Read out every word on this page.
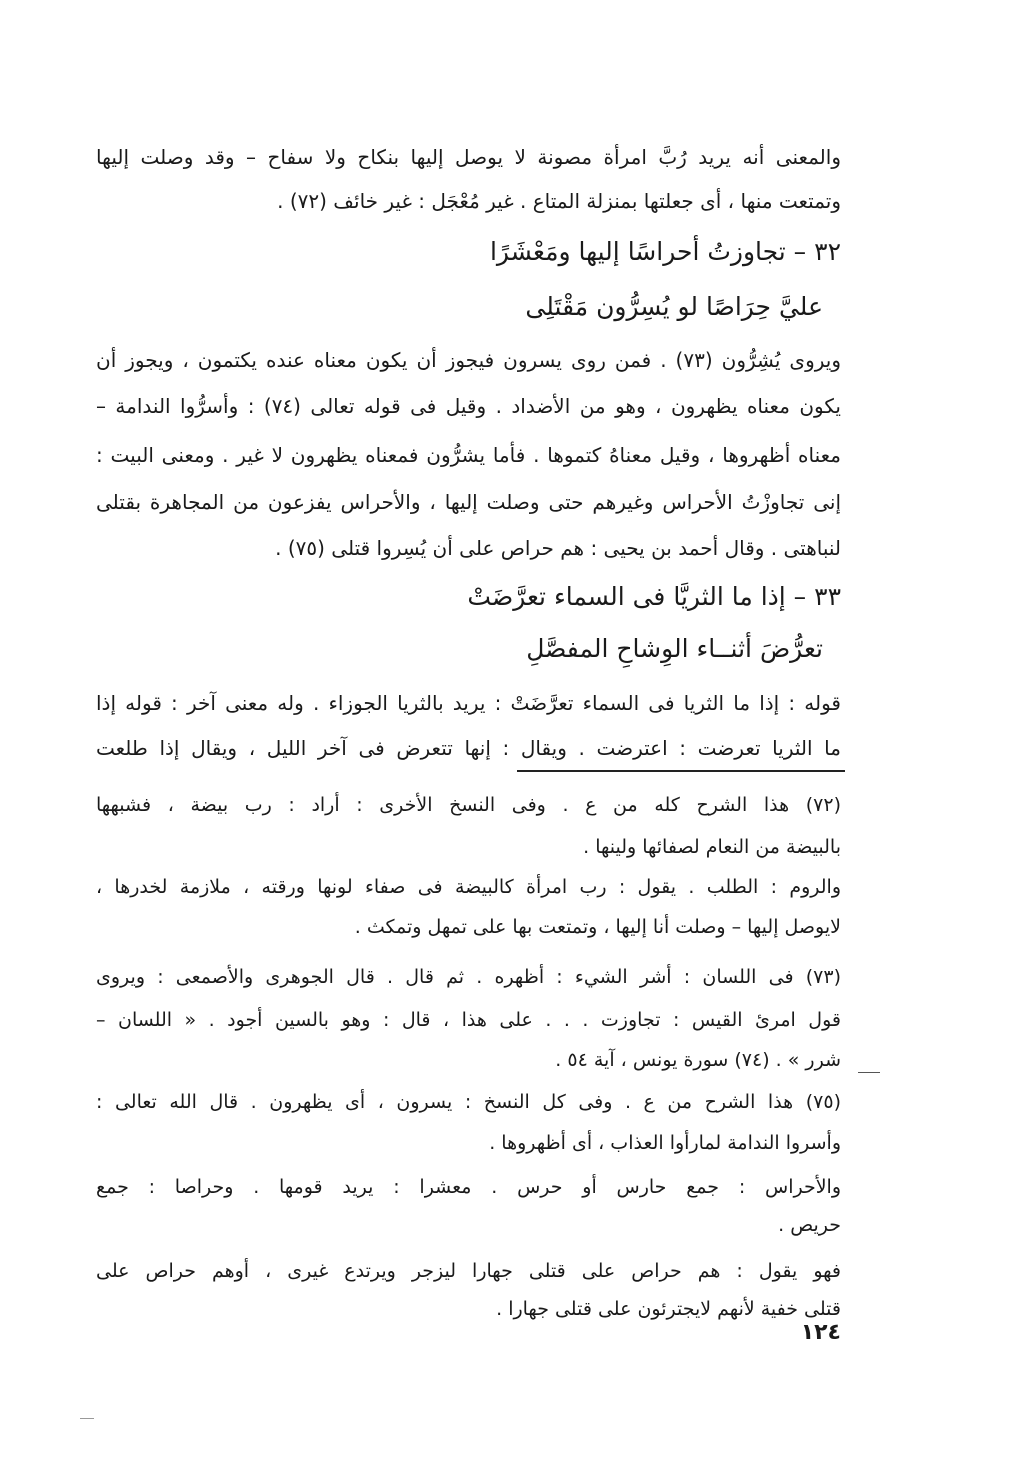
والمعنى أنه يريد رُبَّ امرأة مصونة لا يوصل إليها بنكاح ولا سفاح – وقد وصلت إليها
وتمتعت منها ، أى جعلتها بمنزلة المتاع . غير مُعْجَل : غير خائف (٧٢) .
٣٢ – تجاوزتُ أحراسًا إليها ومَعْشَرًا
عليَّ حِرَاصًا لو يُسِرُّون مَقْتَلِى
ويروى يُشِرُّون (٧٣) . فمن روى يسرون فيجوز أن يكون معناه عنده يكتمون ، ويجوز أن
يكون معناه يظهرون ، وهو من الأضداد . وقيل فى قوله تعالى (٧٤) : وأسرُّوا الندامة –
معناه أظهروها ، وقيل معناهُ كتموها . فأما يشرُّون فمعناه يظهرون لا غير . ومعنى البيت :
إنى تجاوزْتُ الأحراس وغيرهم حتى وصلت إليها ، والأحراس يفزعون من المجاهرة بقتلى
لنباهتى . وقال أحمد بن يحيى : هم حراص على أن يُسِروا قتلى (٧٥) .
٣٣ – إذا ما الثريَّا فى السماء تعرَّضَتْ
تعرُّضَ أثنــاء الوِشاحِ المفصَّلِ
قوله : إذا ما الثريا فى السماء تعرَّضَتْ : يريد بالثريا الجوزاء . وله معنى آخر : قوله إذا
ما الثريا تعرضت : اعترضت . ويقال : إنها تتعرض فى آخر الليل ، ويقال إذا طلعت
(٧٢) هذا الشرح كله من ع . وفى النسخ الأخرى : أراد : رب بيضة ، فشبهها
بالبيضة من النعام لصفائها ولينها .
والروم : الطلب . يقول : رب امرأة كالبيضة فى صفاء لونها ورقته ، ملازمة لخدرها ،
لايوصل إليها – وصلت أنا إليها ، وتمتعت بها على تمهل وتمكث .
(٧٣) فى اللسان : أشر الشيء : أظهره . ثم قال . قال الجوهرى والأصمعى : ويروى
قول امرئ القيس : تجاوزت . . . على هذا ، قال : وهو بالسين أجود . « اللسان –
شرر » . (٧٤) سورة يونس ، آية ٥٤ .
(٧٥) هذا الشرح من ع . وفى كل النسخ : يسرون ، أى يظهرون . قال الله تعالى :
وأسروا الندامة لمارأوا العذاب ، أى أظهروها .
والأحراس : جمع حارس أو حرس . معشرا : يريد قومها . وحراصا : جمع
حريص .
فهو يقول : هم حراص على قتلى جهارا ليزجر ويرتدع غيرى ، أوهم حراص على
قتلى خفية لأنهم لايجترئون على قتلى جهارا .
١٢٤
